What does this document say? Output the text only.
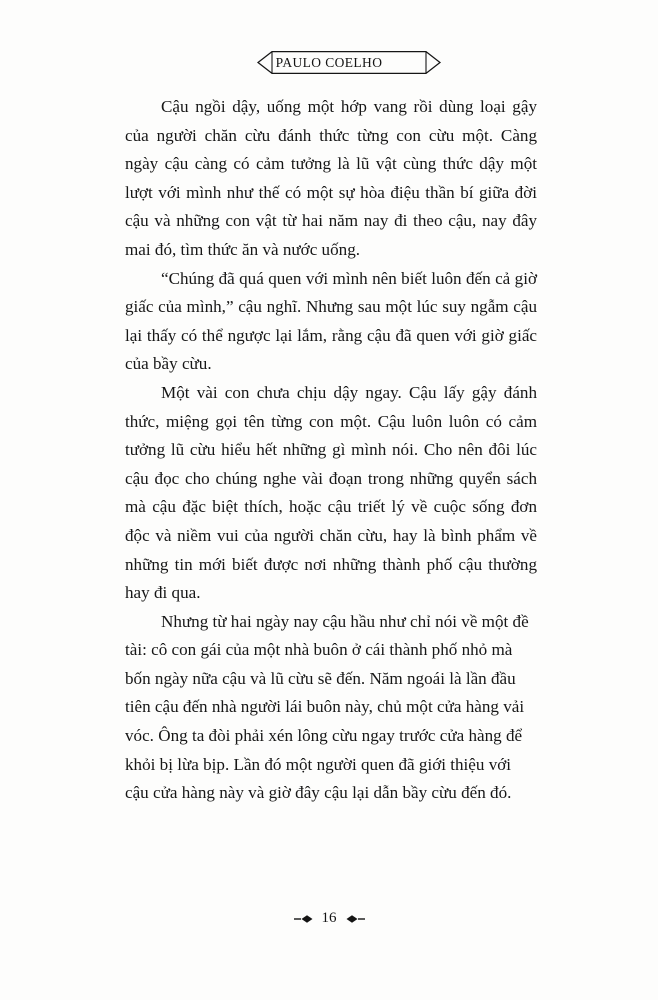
PAULO COELHO

Cậu ngồi dậy, uống một hớp vang rồi dùng loại gậy của người chăn cừu đánh thức từng con cừu một. Càng ngày cậu càng có cảm tưởng là lũ vật cùng thức dậy một lượt với mình như thế có một sự hòa điệu thần bí giữa đời cậu và những con vật từ hai năm nay đi theo cậu, nay đây mai đó, tìm thức ăn và nước uống.

“Chúng đã quá quen với mình nên biết luôn đến cả giờ giấc của mình,” cậu nghĩ. Nhưng sau một lúc suy ngẫm cậu lại thấy có thể ngược lại lắm, rằng cậu đã quen với giờ giấc của bầy cừu.

Một vài con chưa chịu dậy ngay. Cậu lấy gậy đánh thức, miệng gọi tên từng con một. Cậu luôn luôn có cảm tưởng lũ cừu hiểu hết những gì mình nói. Cho nên đôi lúc cậu đọc cho chúng nghe vài đoạn trong những quyển sách mà cậu đặc biệt thích, hoặc cậu triết lý về cuộc sống đơn độc và niềm vui của người chăn cừu, hay là bình phẩm về những tin mới biết được nơi những thành phố cậu thường hay đi qua.

Nhưng từ hai ngày nay cậu hầu như chỉ nói về một đề tài: cô con gái của một nhà buôn ở cái thành phố nhỏ mà bốn ngày nữa cậu và lũ cừu sẽ đến. Năm ngoái là lần đầu tiên cậu đến nhà người lái buôn này, chủ một cửa hàng vải vóc. Ông ta đòi phải xén lông cừu ngay trước cửa hàng để khỏi bị lừa bịp. Lần đó một người quen đã giới thiệu với cậu cửa hàng này và giờ đây cậu lại dẫn bầy cừu đến đó.

16
